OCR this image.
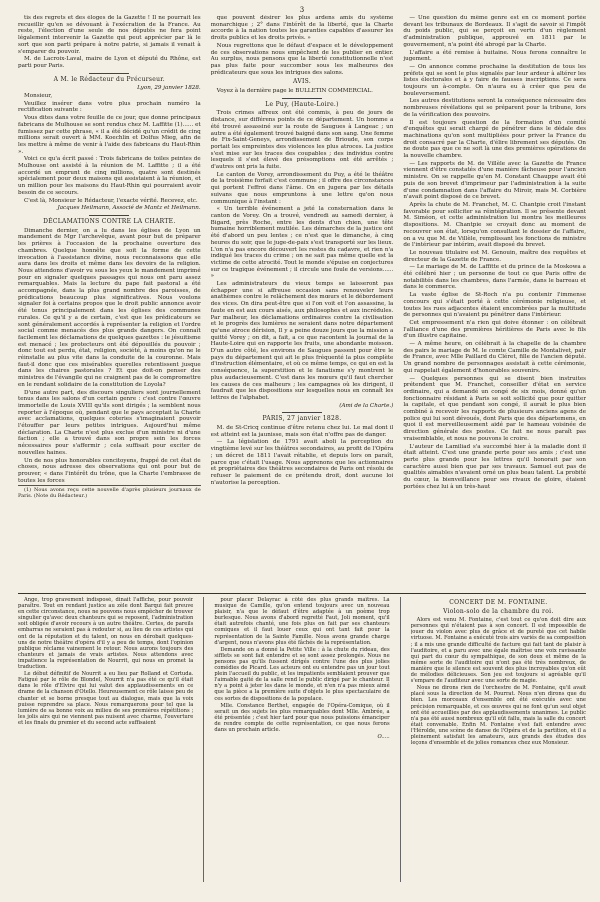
3

tis des regrets et des éloges de la Gazette ! Il ne pourrait les recueillir qu'en se dévouant à l'exécration de la France. Au reste, l'élection d'une seule de nos députés ne fera point légalement intervenir la Gazette qui peut apprécier par là le sort que son parti prépare à notre patrie, si jamais il venait à s'emparer du pouvoir.

M. de Lacroix-Laval, maire de Lyon et député du Rhône, est parti pour Paris.

A M. le Rédacteur du Précurseur.

Lyon, 29 janvier 1828.

Monsieur,

Veuillez insérer dans votre plus prochain numéro la rectification suivante :

Vous dites dans votre feuille de ce jour, que donne principaux fabricans de Mulhouse se sont rendus chez M. Laffitte (1)...... et fumissez par cette phrase, « il a été décidé qu'un crédit de cinq millions serait ouvert à MM. Koechlin et Dolfus Mieg, afin de les mettre à même de venir à l'aide des fabricans du Haut-Rhin ».

Voici ce qu'a écrit passé : Trois fabricans de toiles peintes de Mulhouse ont assisté à la réunion de M. Laffitte ; il a été accordé un emprunt de cinq millions, quatre sont destinés spécialement pour deux maisons qui assistaient à la réunion, et un million pour les maisons du Haut-Rhin qui pourraient avoir besoin de ce secours.

C'est là, Monsieur le Rédacteur, l'exacte vérité. Recevez, etc.

Jacques Heilmann, Associé de Mantz et Heilmann.

DÉCLAMATIONS CONTRE LA CHARTE.

Dimanche dernier, on a lu dans les églises de Lyon un mandement de Mgr l'archevêque, avant pour but de préparer les prières à l'occasion de la prochaine ouverture des chambres. Quelque honnête que soit la forme de cette invocation à l'assistance divine, nous reconnaissons que elle aura dans les droits et même dans les devoirs de la religion. Nous attendons d'avoir vu sous les yeux le mandement imprimé pour en signaler quelques passages qui nous ont paru assez remarquables. Mais la lecture du pape fait pastoral a été accompagnée, dans la plus grand nombre des paroisses, de prédications beaucoup plus significatives. Nous voulons signaler foi à certains propos que le droit public annonce avoir été tenus principalement dans les églises des communes rurales. Ce qu'il y a de certain, c'est que les prédicateurs se sont généralement accordés à représenter la religion et l'ordre social comme menacés des plus grands dangers. On connaît facilement les déclamations de quelques gazettes : le jésuitisme est menacé ; les protecteurs ont été dépouillés du pouvoir ; donc tout est perdu, état, religion, société, à moins qu'on ne le réinstalle au plus vite dans la conduite de la couronne. Mais faut-il donc que ces misérables querelles retentissent jusque dans les chaires pastorales ? Et que doit-on penser des ministres de l'évangile qui ne craignent pas de le compromettre en le rendant solidaire de la constitution de Loyola?

D'une autre part, des discours singuliers sont journellement tenus dans les salons d'un certain genre : c'est contre l'œuvre immortelle de Louis XVIII qu'ils sont dirigés ; la semblent nous reporter à l'époque où, pendant que le pays acceptait la Charte avec acclamations, quelques coteries s'imaginaient pouvoir l'étouffer par leurs petites intrigues. Aujourd'hui même déclaration. La Charte n'est plus exclue d'un ministre ni d'une faction ; elle a trouvé dans son propre sein les forces nécessaires pour s'affermir ; cela suffisait pour exciter de nouvelles haines.

Un de nos plus honorables concitoyens, frappé de cet état de choses, nous adresse des observations qui ont pour but de prouver, « dans l'intérêt du trône, que la Charte l'embrasse de toutes les forces

(1) Nous avons reçu cette nouvelle d'après plusieurs journaux de Paris. (Note du Rédacteur.)

que pouvent désirer les plus ardens amis du système monarchique ; 2° dans l'intérêt de la liberté, que la Charte accorde à la nation toutes les garanties capables d'assurer les droits publics et les droits privés. »

Nous regrettons que le défaut d'espace et le développement de ces observations nous empêchent de les publier en entier. Au surplus, nous pensons que la liberté constitutionnelle n'est pas plus faite pour succomber sous les malheures des prédicateurs que sous les intrigues des salons.

AVIS.

Voyez à la dernière page le BULLETIN COMMERCIAL.

Le Puy, (Haute-Loire.)

Trois crimes affreux ont été commis, à peu de jours de distance, sur différens points de ce département. Un homme a été trouvé assassiné sur la route de Saugues à Langeac ; un autre a été également trouvé baigné dans son sang. Une femme de Fix-Saint-Geneys, arrondissement de Brioude, son corps portait les empreintes des violences les plus atroces. La justice s'est mise sur les traces des coupables ; des individus contre lesquels il s'est élevé des présomptions ont été arrêtés ; d'autres ont pris la fuite.

Le canton de Vorey, arrondissement du Puy, a été le théâtre de la troisième forfait c'est commune ; il offre des circonstances qui portent l'effroi dans l'âme. On en jugera par les détails suivans que nous empruntons à une lettre qu'on nous communique à l'instant :

« Un terrible événement a jeté la consternation dans le canton de Vorey. On a trouvé, vendredi au samedi dernier, à Bigard, près Roche, entre les dents d'un chien, une tête humaine horriblement mutilée. Les démarches de la justice ont été d'abord un peu lentes ; ce n'est que le dimanche, à cinq heures du soir, que le juge-de-paix s'est transporté sur les lieux. L'on n'a pas encore découvert les restes du cadavre, et rien n'a indiqué les traces du crime ; on ne sait pas même quelle est la victime de cette atrocité. Tout le monde s'épuise en conjectures sur ce tragique événement ; il circule une foule de versions...... »

Les administrateurs du vieux temps se laisseront pas échapper une si affreuse occasion sans renouveler leurs anathèmes contre le relâchement des mœurs et le débordement des vices. On dira peut-être que si l'on voit et l'on assassine, la faute en est aux cours aisés, aux philosophes et aux incrédules. Par malheur, les déclamations ordinaires contre la civilisation et le progrès des lumières ne seraient dans notre département qu'une atroce dérision, Il y a peine douze jours que la mission a quitté Vorey ; on dit, a fait, a ce que racontent la journal de la Haute-Loire qui en rapporte les fruits, une abondante moisson. D'un autre côté, les environs de Saugues passent pour être le pays du département qui ait le plus fréquenté la plus complète d'instruction élémentaire, et où ce même temps, ce qui en est la conséquence, la superstition et le fanatisme s'y montrent le plus audacieusement. C'est dans les mœurs qu'il faut chercher les causes de ces malheurs ; les campagnes où les dirigent, il faudrait que les dispositions sur lesquelles nous en connaît les lettres de l'alphabet.

(Ami de la Charte.)

PARIS, 27 janvier 1828.

M. de St-Cricq continue d'être retenu chez lui. Le mal dont il est atteint est la jaunisse, mais son état n'offre pas de danger.

— La législation de 1791 avait aboli la perception du vingtième levé sur les théâtres secondaires, au profit de l'Opéra ; un décret de 1811 l'avait rétablie, et depuis lors on paraît, parce que c'était l'usage. Nous apprenons que les actionnaires et propriétaires des théâtres secondaires de Paris ont résolu de refuser le paiement de ce prétendu droit, dont aucune loi n'autorise la perception.

— Une question du même genre est en ce moment portée devant les tribunaux de Bordeaux. Il s'agit de savoir si l'impôt du poids public, qui se perçoit en vertu d'un règlement d'administration publique, approuvé en 1811 par le gouvernement, n'a point été abrogé par la Charte.

L'affaire a été remise à huitaine. Nous ferons connaître le jugement.

— On annonce comme prochaine la destitution de tous les préfets qui se sont le plus signalés par leur ardeur à altérer les listes électorales et à y faire de fausses inscriptions. Ce sera toujours un à-compte. On n'aura eu à créer que peu de bouleversement.

Les autres destitutions seront la conséquence nécessaire des nombreuses révélations qui se préparent pour la tribune, lors de la vérification des pouvoirs.

Il est toujours question de la formation d'un comité d'enquêtes qui serait chargé de pénétrer dans le dédale des machinations qu'on sont multipliées pour priver la France du droit consacré par la Charte, d'élire librement ses députés. On ne doute pas que ce ne soit là une des premières opérations de la nouvelle chambre.

— Les rapports de M. de Villèle avec la Gazette de France viennent d'être constatés d'une manière fâcheuse pour l'ancien ministre. On se rappelle qu'en M. Constant Chauppe avait été puis de son brevet d'imprimeur par l'administration à la suite d'une condamnation dans l'affaire du Miroir, mais M. Corbière n'avait point disposé de ce brevet.

Après la chute de M. Franchet, M. C. Chantpie croit l'instant favorable pour solliciter sa réintégration. Il se présente devant M. Siméon, et cette administration lui montra les meilleures dispositions. M. Chantpie se croyait donc au moment de recouvrer son état, lorsqu'on consultant le dossier de l'affaire, on a vu que M. de Villèle, remplissant les fonctions de ministre de l'intérieur par intérim, avait disposé du brevet.

Le nouveau titulaire est M. Genouin, maître des requêtes et directeur de la Gazette de France.

— Le mariage de M. de Laffitte et du prince de la Moskowa a été célébré hier ; un personne de tout ce que Paris offre de notabilités dans les chambres, dans l'armée, dans le barreau et dans le commerce.

La vaste église de St-Roch n'a pu contenir l'immense concours qui s'était porté à cette cérémonie religieuse, et toutes les rues adjacentes étaient encombrées par la multitude de personnes qui n'avaient pu pénétrer dans l'intérieur.

Cet empressement n'a rien qui doive étonner : on célébrait l'alliance d'une des premières héritières de Paris avec le fils d'un illustre capitaine.

— A même heure, on célébrait à la chapelle de la chambre des pairs le mariage de M. le comte Camille de Montalivet, pair de France, avec Mlle Paillard du Cléret, fille de l'ancien député. Un grand nombre de personnages assistait à cette cérémonie, qui rappelait également d'honorables souvenirs.

— Quelques personnes qui se disent bien instruites prétendent que M. Franchet, conseiller d'état en service ordinaire, qui a demandé un congé de six mois, donné qu'un fonctionnaire résidant à Paris se soit sollicité que pour quitter la capitale, et que pendant son congé, il aurait le plus bien combiné à recevoir les rapports de plusieurs anciens agens de police qui lui sont dévoués, dont Paris que des départemens, en quoi il est merveilleusement aidé par le hameau voisinée de direction générale des postes. Ce fait ne nous paraît pas vraisemblable, et nous ne pouvons le croire.

L'auteur de Lamiliad s'a succombé hier à la maladie dont il était atteint. C'est une grande perte pour ses amis ; c'est une perte plus grande pour les lettres qu'il honorait par son caractère aussi bien que par ses travaux. Samuel eut pas de qualités aimables n'avaient orné un plus beau talent. La probité du cœur, la bienveillance pour ses rivaux de gloire, étaient portées chez lui à un très-haut

Ange, trop gravement indisposé, dinait l'affiche, pour pouvoir paraître. Tout en rendant justice au zèle dont Barqui fait preuve en cette circonstance, nous ne pouvons nous empêcher de trouver singulier qu'avec deux chanteurs qui se reposent, l'administration soit obligée d'avoir recours à un autre théâtre. Certes, de pareils embarras ne seraient pas à redouter si, au lieu de ces artistes qui ont de la réputation et du talent, on nous en dérobait quelques-uns de notre théâtre d'opéra d'il y a peu de temps, dont l'opinion publique réclame vainement le retour. Nous aurons toujours des chanteurs et jamais de vrais artistes. Nous attendons avec impatience la représentation de Nourrit, qui nous en promet la traduction.

Le début définitif de Nourrit a eu lieu par Rolland et Cortuda. Fatigué par le rôle de Blondel, Nourrit n'a pas été ce qu'il était dans le rôle d'Elvire qui lui valut des applaudissements en ce drame de la chanson d'Otello. Heureusement ce rôle laisse peu de chanter et se borne presque tout au dialogue, mais que la voix puisse reprendre sa place. Nous remarquerons pour tel que la lumière de sa bonne voix au milieu de ses premières répétitions ; les jolis airs qui ne viennent pas nuisent avec charme, l'ouverture et les finals du premier et du second acte suffisaient

pour placer Delayrac à côté des plus grands maîtres. La musique de Camille, qu'on entend toujours avec un nouveau plaisir, n'a que le défaut d'être adaptée à un poème trop burlesque. Nous avons d'abord regretté Faut, Joli moment, qu'il était autrefois chanté, une fois plus on fait par ses chanteurs comiques et il faut louer ceux qui ont tant fait pour la représentation de la Sainte Famille. Nous avons grande charge d'argent, nous n'avons plus été fâchés de la représentation.

Demande on a donné la Petite Ville : à la chute du rideau, des sifflets se sont fait entendre et se sont assez prolongés. Nous ne pensons pas qu'ils fussent dirigés contre l'une des plus jolies comédies de Picard. Les acteurs ont eu entendre pas un jour tout plein l'accueil du public, et les impatients semblaient prouver que l'aimable gaité de la salle rend le public dirigé par le chanteur. Il n'y a point à jeter les dans le monde, et n'en n'a pas mieux aimé que la pièce a la première suite d'objets le plus spectaculaire de ces sortes de dispositions de la populace.

Mlle. Constance Berthet, engagée de l'Opéra-Comique, où il serait un des sujets les plus remarquables dont Mlle. Ambrée, a été présentée ; c'est hier tard pour que nous puissions émanciper de rendre compte de cette représentation, ce que nous ferons dans un prochain article.

O.....

CONCERT DE M. FONTAINE.

Violon-solo de la chambre du roi.

Alors est venu M. Fontaine, c'est tout ce qu'on doit dire aux personnes qui n'étaient pas à son concert. Il est impossible de jouer du violon avec plus de grâce et de pureté que cet habile virtuose. M. Fontaine a exécuté trois airs variés de sa composition ; il a mis une grande difficulté de facture qui fait tant de plaisir à l'auditoire, et a paru avec une égale maîtrise une voix ravissante qui part du cœur du sympathique, de son doux et même de la même sorte de l'auditoire qui n'ont pas été très nombreux, de manière que le silence est souvent des plus incroyables qu'on eût de mélodies délicieuses. Son jeu est toujours si agréable qu'il s'empare de l'auditeur avec une sorte de magie.

Nous ne dirons rien de l'orchestre de M. Fontaine, qu'il avait placé sous la direction de M. Pourrat. Nous n'en dirons que du bien. Les morceaux d'ensemble ont été exécutés avec une précision remarquable, et ces œuvres qui ne font qu'un seul objet ont été accueillies par des applaudissements unanimes. Le public n'a pas été aussi nombreux qu'il eût fallu, mais la salle du concert était convenable. Enfin M. Fontaine s'est fait entendre avec l'Hérolde, une scène de danse de l'Opéra et de la partition, et il a pleinement satisfait les amateurs, aux grands des études des leçons d'ensemble et de jolies romances chez eux Monsieur.
